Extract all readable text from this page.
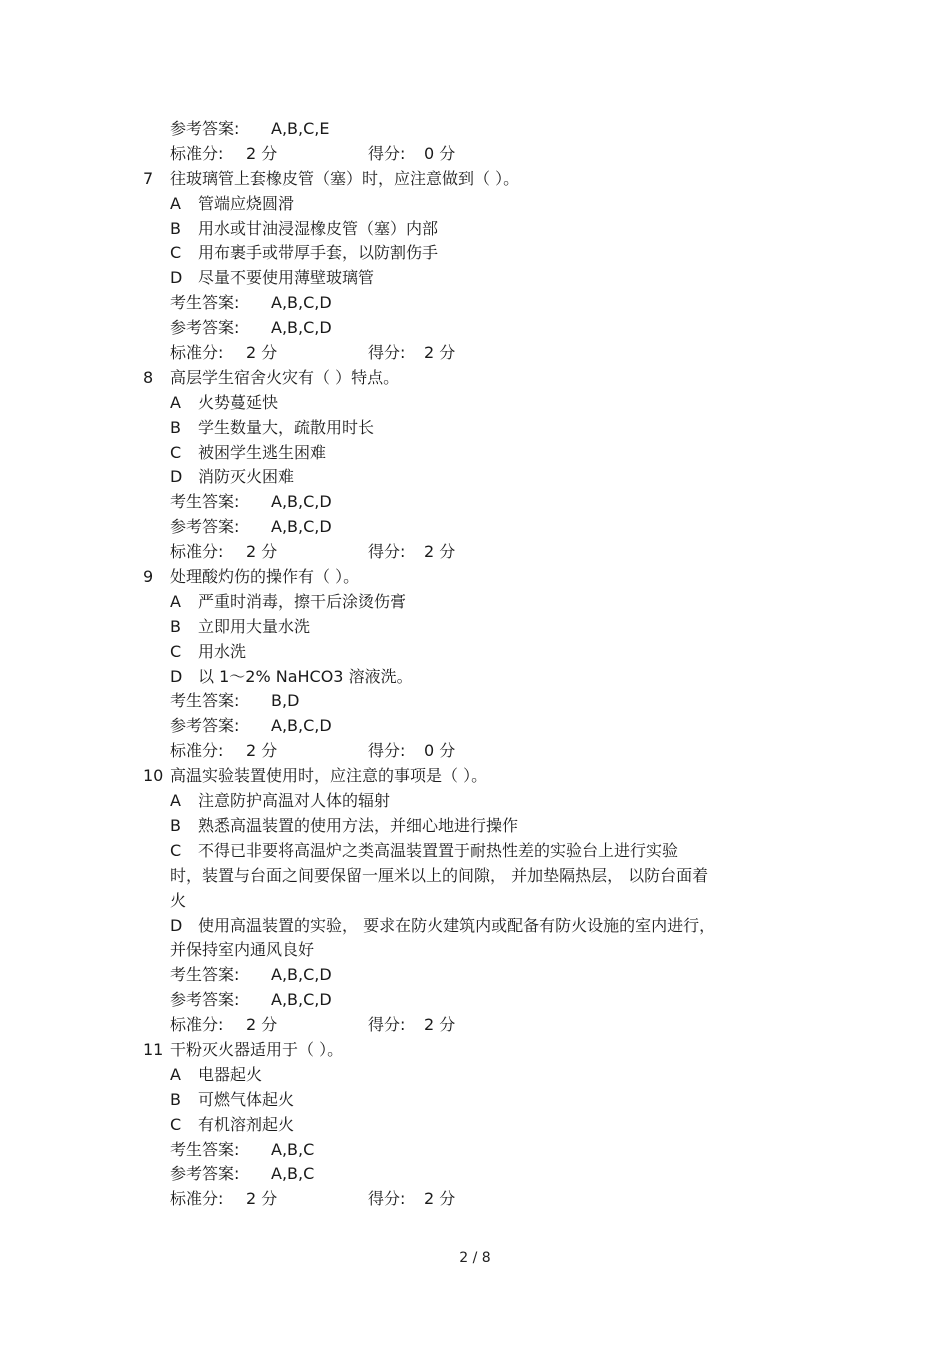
参考答案: A,B,C,E
标准分: 2 分	得分: 0 分
7 往玻璃管上套橡皮管（塞）时，应注意做到（ ）。
A	管端应烧圆滑
B	用水或甘油浸湿橡皮管（塞）内部
C	用布裹手或带厚手套，以防割伤手
D 尽量不要使用薄壁玻璃管
考生答案: A,B,C,D
参考答案: A,B,C,D
标准分: 2 分	得分: 2 分
8 高层学生宿舍火灾有（ ）特点。
A	火势蔓延快
B	学生数量大，疏散用时长
C	被困学生逃生困难
D 消防灭火困难
考生答案: A,B,C,D
参考答案: A,B,C,D
标准分: 2 分	得分: 2 分
9 处理酸灼伤的操作有（ ）。
A	严重时消毒，擦干后涂烫伤膏
B	立即用大量水洗
C	用水洗
D 以 1～2% NaHCO3 溶液洗。
考生答案: B,D
参考答案: A,B,C,D
标准分: 2 分	得分: 0 分
10 高温实验装置使用时，应注意的事项是（ ）。
A	注意防护高温对人体的辐射
B	熟悉高温装置的使用方法，并细心地进行操作
C	不得已非要将高温炉之类高温装置置于耐热性差的实验台上进行实验
时，装置与台面之间要保留一厘米以上的间隙， 并加垫隔热层， 以防台面着
火
D 使用高温装置的实验， 要求在防火建筑内或配备有防火设施的室内进行，
并保持室内通风良好
考生答案: A,B,C,D
参考答案: A,B,C,D
标准分: 2 分	得分: 2 分
11 干粉灭火器适用于（ ）。
A	电器起火
B	可燃气体起火
C	有机溶剂起火
考生答案: A,B,C
参考答案: A,B,C
标准分: 2 分	得分: 2 分
2 / 8
